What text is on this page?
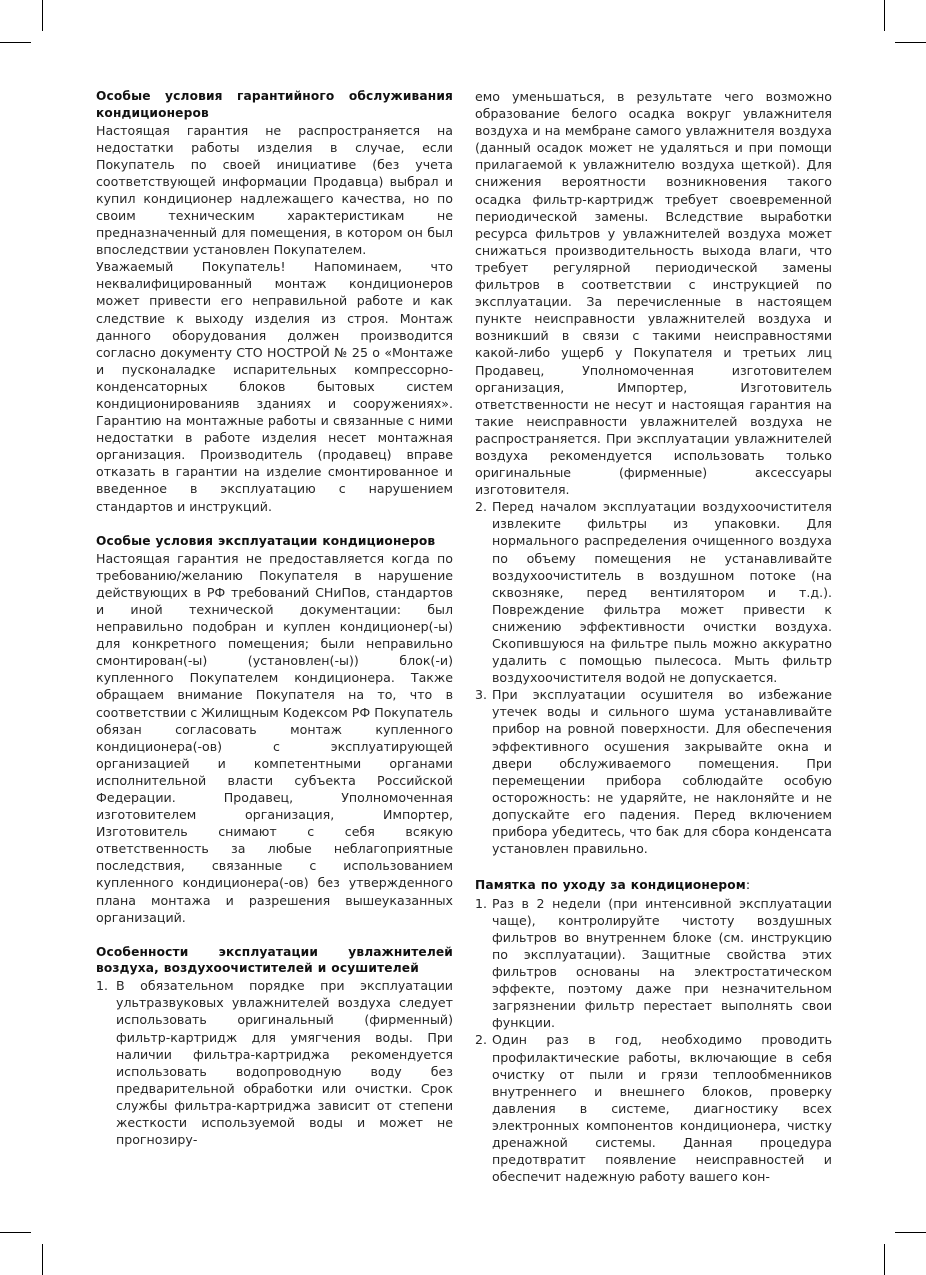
Особые условия гарантийного обслуживания кондиционеров

Настоящая гарантия не распространяется на недостатки работы изделия в случае, если Покупатель по своей инициативе (без учета соответствующей информации Продавца) выбрал и купил кондиционер надлежащего качества, но по своим техническим характеристикам не предназначенный для помещения, в котором он был впоследствии установлен Покупателем.

Уважаемый Покупатель! Напоминаем, что неквалифицированный монтаж кондиционеров может привести его неправильной работе и как следствие к выходу изделия из строя. Монтаж данного оборудования должен производится согласно документу СТО НОСТРОЙ № 25 о «Монтаже и пусконаладке испарительных компрессорно-конденсаторных блоков бытовых систем кондиционированияв зданиях и сооружениях». Гарантию на монтажные работы и связанные с ними недостатки в работе изделия несет монтажная организация. Производитель (продавец) вправе отказать в гарантии на изделие смонтированное и введенное в эксплуатацию с нарушением стандартов и инструкций.

Особые условия эксплуатации кондиционеров

Настоящая гарантия не предоставляется когда по требованию/желанию Покупателя в нарушение действующих в РФ требований СНиПов, стандартов и иной технической документации: был неправильно подобран и куплен кондиционер(-ы) для конкретного помещения; были неправильно смонтирован(-ы) (установлен(-ы)) блок(-и) купленного Покупателем кондиционера. Также обращаем внимание Покупателя на то, что в соответствии с Жилищным Кодексом РФ Покупатель обязан согласовать монтаж купленного кондиционера(-ов) с эксплуатирующей организацией и компетентными органами исполнительной власти субъекта Российской Федерации. Продавец, Уполномоченная изготовителем организация, Импортер, Изготовитель снимают с себя всякую ответственность за любые неблагоприятные последствия, связанные с использованием купленного кондиционера(-ов) без утвержденного плана монтажа и разрешения вышеуказанных организаций.

Особенности эксплуатации увлажнителей воздуха, воздухоочистителей и осушителей
1. В обязательном порядке при эксплуатации ультразвуковых увлажнителей воздуха следует использовать оригинальный (фирменный) фильтр-картридж для умягчения воды. При наличии фильтра-картриджа рекомендуется использовать водопроводную воду без предварительной обработки или очистки. Срок службы фильтра-картриджа зависит от степени жесткости используемой воды и может не прогнозиру-

емо уменьшаться, в результате чего возможно образование белого осадка вокруг увлажнителя воздуха и на мембране самого увлажнителя воздуха (данный осадок может не удаляться и при помощи прилагаемой к увлажнителю воздуха щеткой). Для снижения вероятности возникновения такого осадка фильтр-картридж требует своевременной периодической замены. Вследствие выработки ресурса фильтров у увлажнителей воздуха может снижаться производительность выхода влаги, что требует регулярной периодической замены фильтров в соответствии с инструкцией по эксплуатации. За перечисленные в настоящем пункте неисправности увлажнителей воздуха и возникший в связи с такими неисправностями какой-либо ущерб у Покупателя и третьих лиц Продавец, Уполномоченная изготовителем организация, Импортер, Изготовитель ответственности не несут и настоящая гарантия на такие неисправности увлажнителей воздуха не распространяется. При эксплуатации увлажнителей воздуха рекомендуется использовать только оригинальные (фирменные) аксессуары изготовителя.

2. Перед началом эксплуатации воздухоочистителя извлеките фильтры из упаковки. Для нормального распределения очищенного воздуха по объему помещения не устанавливайте воздухоочиститель в воздушном потоке (на сквозняке, перед вентилятором и т.д.). Повреждение фильтра может привести к снижению эффективности очистки воздуха. Скопившуюся на фильтре пыль можно аккуратно удалить с помощью пылесоса. Мыть фильтр воздухоочистителя водой не допускается.
3. При эксплуатации осушителя во избежание утечек воды и сильного шума устанавливайте прибор на ровной поверхности. Для обеспечения эффективного осушения закрывайте окна и двери обслуживаемого помещения. При перемещении прибора соблюдайте особую осторожность: не ударяйте, не наклоняйте и не допускайте его падения. Перед включением прибора убедитесь, что бак для сбора конденсата установлен правильно.
Памятка по уходу за кондиционером:
1. Раз в 2 недели (при интенсивной эксплуатации чаще), контролируйте чистоту воздушных фильтров во внутреннем блоке (см. инструкцию по эксплуатации). Защитные свойства этих фильтров основаны на электростатическом эффекте, поэтому даже при незначительном загрязнении фильтр перестает выполнять свои функции.
2. Один раз в год, необходимо проводить профилактические работы, включающие в себя очистку от пыли и грязи теплообменников внутреннего и внешнего блоков, проверку давления в системе, диагностику всех электронных компонентов кондиционера, чистку дренажной системы. Данная процедура предотвратит появление неисправностей и обеспечит надежную работу вашего кон-
